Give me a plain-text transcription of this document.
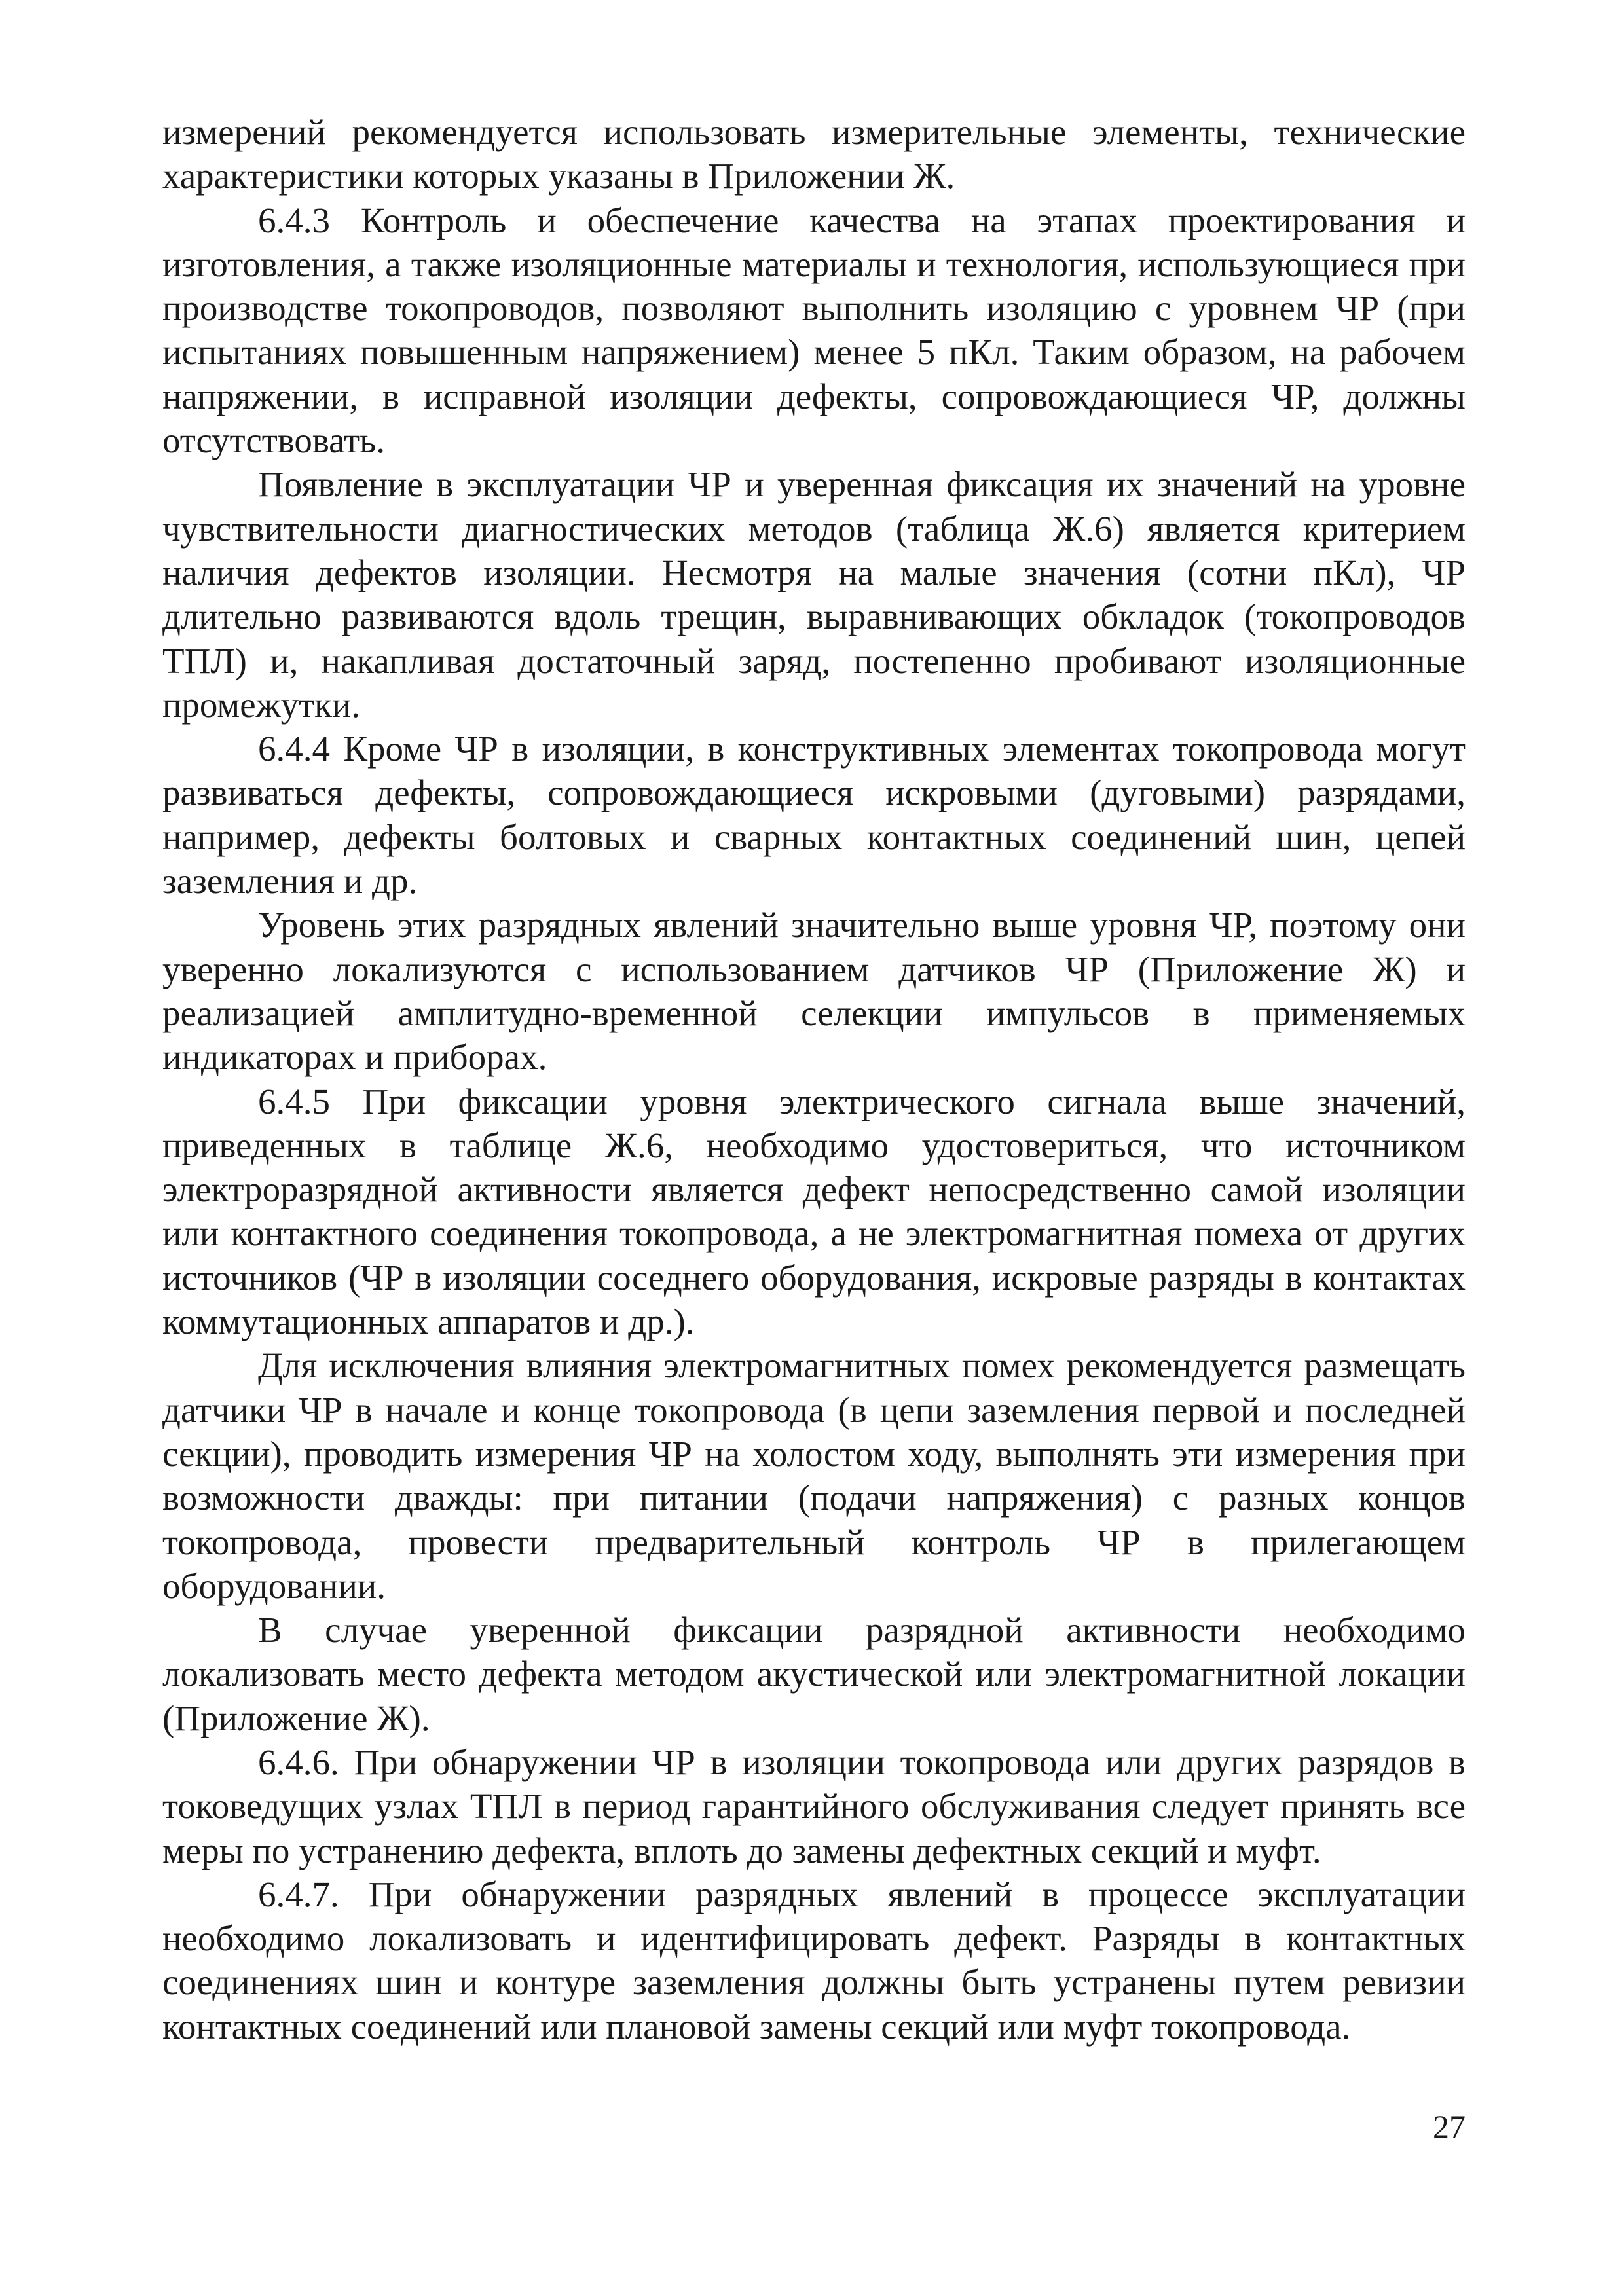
измерений рекомендуется использовать измерительные элементы, технические характеристики которых указаны в Приложении Ж.

6.4.3 Контроль и обеспечение качества на этапах проектирования и изготовления, а также изоляционные материалы и технология, использующиеся при производстве токопроводов, позволяют выполнить изоляцию с уровнем ЧР (при испытаниях повышенным напряжением) менее 5 пКл. Таким образом, на рабочем напряжении, в исправной изоляции дефекты, сопровождающиеся ЧР, должны отсутствовать.

Появление в эксплуатации ЧР и уверенная фиксация их значений на уровне чувствительности диагностических методов (таблица Ж.6) является критерием наличия дефектов изоляции. Несмотря на малые значения (сотни пКл), ЧР длительно развиваются вдоль трещин, выравнивающих обкладок (токопроводов ТПЛ) и, накапливая достаточный заряд, постепенно пробивают изоляционные промежутки.

6.4.4 Кроме ЧР в изоляции, в конструктивных элементах токопровода могут развиваться дефекты, сопровождающиеся искровыми (дуговыми) разрядами, например, дефекты болтовых и сварных контактных соединений шин, цепей заземления и др.

Уровень этих разрядных явлений значительно выше уровня ЧР, поэтому они уверенно локализуются с использованием датчиков ЧР (Приложение Ж) и реализацией амплитудно-временной селекции импульсов в применяемых индикаторах и приборах.

6.4.5 При фиксации уровня электрического сигнала выше значений, приведенных в таблице Ж.6, необходимо удостовериться, что источником электроразрядной активности является дефект непосредственно самой изоляции или контактного соединения токопровода, а не электромагнитная помеха от других источников (ЧР в изоляции соседнего оборудования, искровые разряды в контактах коммутационных аппаратов и др.).

Для исключения влияния электромагнитных помех рекомендуется размещать датчики ЧР в начале и конце токопровода (в цепи заземления первой и последней секции), проводить измерения ЧР на холостом ходу, выполнять эти измерения при возможности дважды: при питании (подачи напряжения) с разных концов токопровода, провести предварительный контроль ЧР в прилегающем оборудовании.

В случае уверенной фиксации разрядной активности необходимо локализовать место дефекта методом акустической или электромагнитной локации (Приложение Ж).

6.4.6. При обнаружении ЧР в изоляции токопровода или других разрядов в токоведущих узлах ТПЛ в период гарантийного обслуживания следует принять все меры по устранению дефекта, вплоть до замены дефектных секций и муфт.

6.4.7. При обнаружении разрядных явлений в процессе эксплуатации необходимо локализовать и идентифицировать дефект. Разряды в контактных соединениях шин и контуре заземления должны быть устранены путем ревизии контактных соединений или плановой замены секций или муфт токопровода.

27
